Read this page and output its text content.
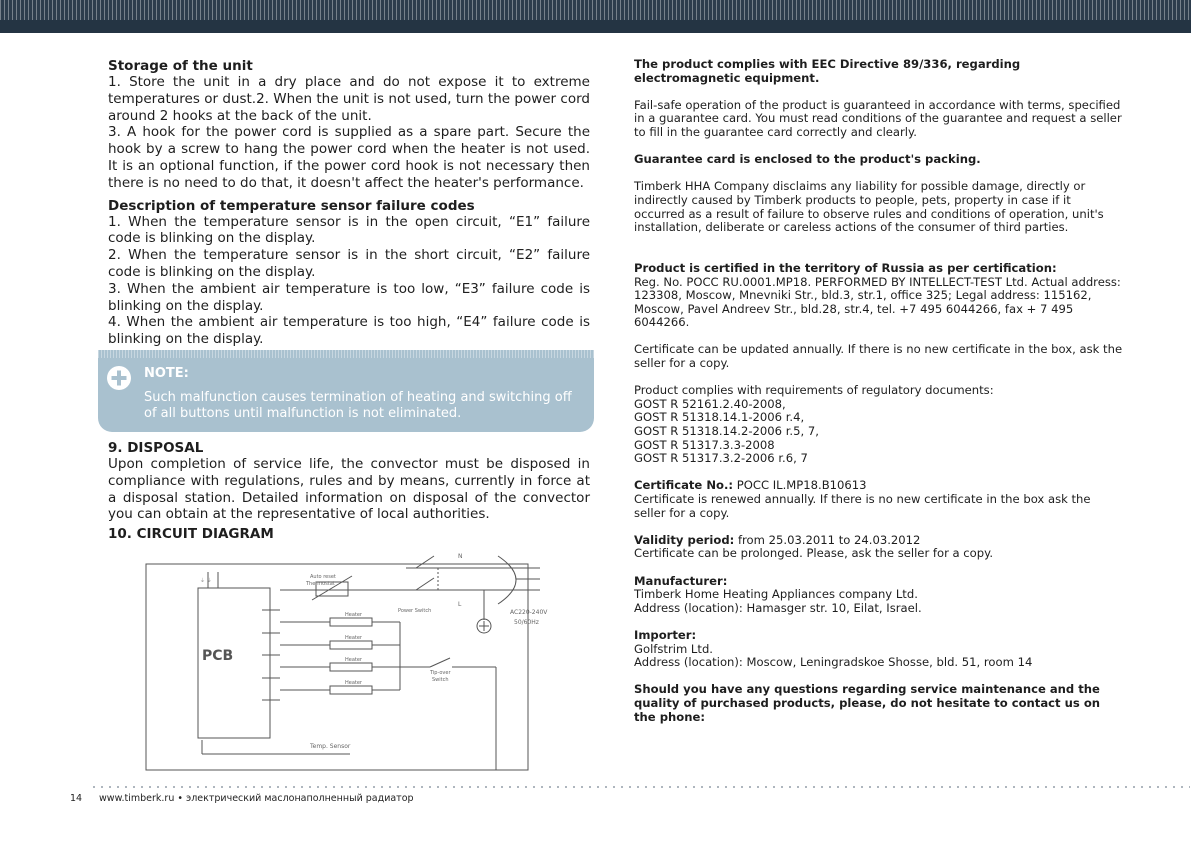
Storage of the unit

1. Store the unit in a dry place and do not expose it to extreme temperatures or dust.2. When the unit is not used, turn the power cord around 2 hooks at the back of the unit.

3. A hook for the power cord is supplied as a spare part. Secure the hook by a screw to hang the power cord when the heater is not used. It is an optional function, if the power cord hook is not necessary then there is no need to do that, it doesn't affect the heater's performance.

Description of temperature sensor failure codes

1. When the temperature sensor is in the open circuit, “E1” failure code is blinking on the display.

2. When the temperature sensor is in the short circuit, “E2” failure code is blinking on the display.

3. When the ambient air temperature is too low, “E3” failure code is blinking on the display.

4. When the ambient air temperature is too high, “E4” failure code is blinking on the display.

NOTE:
Such malfunction causes termination of heating and switching off of all buttons until malfunction is not eliminated.

9. DISPOSAL

Upon completion of service life, the convector must be disposed in compliance with regulations, rules and by means, currently in force at a disposal station. Detailed information on disposal of the convector you can obtain at the representative of local authorities.

10. CIRCUIT DIAGRAM

⏚ ⏚
Auto reset
Thermostat
Power Switch
Heater
Heater
Heater
Heater
Tip-over
Switch
Temp. Sensor
N
L
AC220-240V
50/60Hz
PCB

The product complies with EEC Directive 89/336, regarding electromagnetic equipment.

Fail-safe operation of the product is guaranteed in accordance with terms, specified in a guarantee card. You must read conditions of the guarantee and request a seller to fill in the guarantee card correctly and clearly.

Guarantee card is enclosed to the product's packing.

Timberk HHA Company disclaims any liability for possible damage, directly or indirectly caused by Timberk products to people, pets, property in case if it occurred as a result of failure to observe rules and conditions of operation, unit's installation, deliberate or careless actions of the consumer of third parties.

Product is certified in the territory of Russia as per certification:

Reg. No. POCC RU.0001.MP18. PERFORMED BY INTELLECT-TEST Ltd. Actual address: 123308, Moscow, Mnevniki Str., bld.3, str.1, office 325; Legal address: 115162, Moscow, Pavel Andreev Str., bld.28, str.4, tel. +7 495 6044266, fax + 7 495 6044266.

Certificate can be updated annually. If there is no new certificate in the box, ask the seller for a copy.

Product complies with requirements of regulatory documents:

GOST R 52161.2.40-2008,

GOST R 51318.14.1-2006 r.4,

GOST R 51318.14.2-2006 r.5, 7,

GOST R 51317.3.3-2008

GOST R 51317.3.2-2006 r.6, 7

Certificate No.: POCC IL.MP18.B10613

Certificate is renewed annually. If there is no new certificate in the box ask the seller for a copy.

Validity period: from 25.03.2011 to 24.03.2012

Certificate can be prolonged. Please, ask the seller for a copy.

Manufacturer:

Timberk Home Heating Appliances company Ltd.

Address (location): Hamasger str. 10, Eilat, Israel.

Importer:

Golfstrim Ltd.

Address (location): Moscow, Leningradskoe Shosse, bld. 51, room 14

Should you have any questions regarding service maintenance and the quality of purchased products, please, do not hesitate to contact us on the phone:

14 www.timberk.ru • электрический маслонаполненный радиатор
